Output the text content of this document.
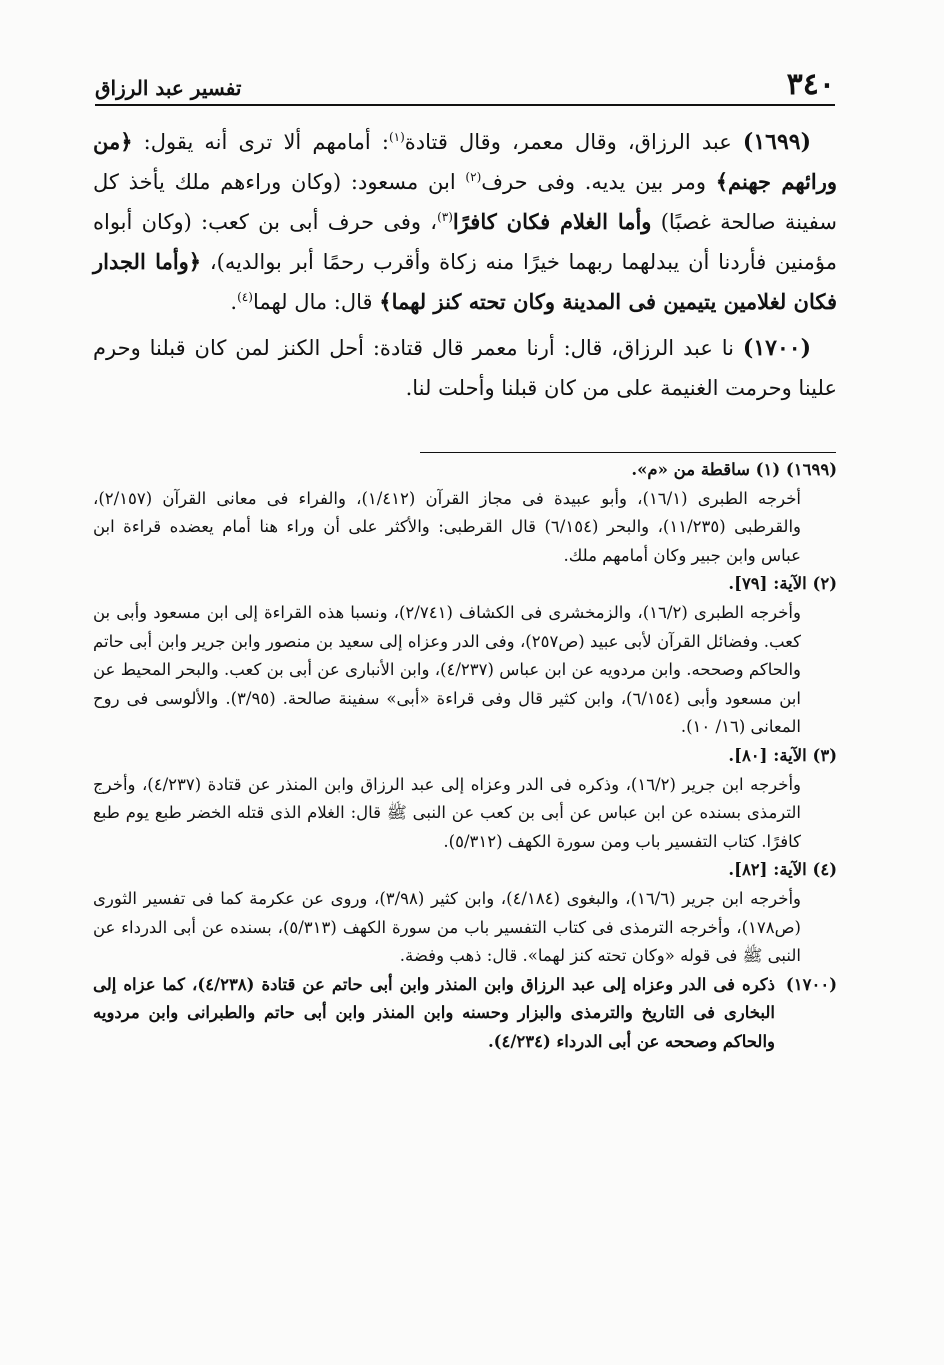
٣٤٠
تفسير عبد الرزاق

(١٦٩٩) عبد الرزاق، وقال معمر، وقال قتادة$^{(١)}$: أمامهم ألا ترى أنه يقول: ﴿من ورائهم جهنم﴾ ومر بين يديه. وفى حرف$^{(٢)}$ ابن مسعود: (وكان وراءهم ملك يأخذ كل سفينة صالحة غصبًا) وأما الغلام فكان كافرًا$^{(٣)}$، وفى حرف أبى بن كعب: (وكان أبواه مؤمنين فأردنا أن يبدلهما ربهما خيرًا منه زكاة وأقرب رحمًا أبر بوالديه)، ﴿وأما الجدار فكان لغلامين يتيمين فى المدينة وكان تحته كنز لهما﴾ قال: مال لهما$^{(٤)}$.

(١٧٠٠) نا عبد الرزاق، قال: أرنا معمر قال قتادة: أحل الكنز لمن كان قبلنا وحرم علينا وحرمت الغنيمة على من كان قبلنا وأحلت لنا.

(١٦٩٩) (١) ساقطة من «م».

أخرجه الطبرى (١٦/١)، وأبو عبيدة فى مجاز القرآن (١/٤١٢)، والفراء فى معانى القرآن (٢/١٥٧)، والقرطبى (١١/٢٣٥)، والبحر (٦/١٥٤) قال القرطبى: والأكثر على أن وراء هنا أمام يعضده قراءة ابن عباس وابن جبير وكان أمامهم ملك.

(٢) الآية: [٧٩].

وأخرجه الطبرى (١٦/٢)، والزمخشرى فى الكشاف (٢/٧٤١)، ونسبا هذه القراءة إلى ابن مسعود وأبى بن كعب. وفضائل القرآن لأبى عبيد (ص٢٥٧)، وفى الدر وعزاه إلى سعيد بن منصور وابن جرير وابن أبى حاتم والحاكم وصححه. وابن مردويه عن ابن عباس (٤/٢٣٧)، وابن الأنبارى عن أبى بن كعب. والبحر المحيط عن ابن مسعود وأبى (٦/١٥٤)، وابن كثير قال وفى قراءة «أبى» سفينة صالحة. (٣/٩٥). والألوسى فى روح المعانى (١٦/ ١٠).

(٣) الآية: [٨٠].

وأخرجه ابن جرير (١٦/٢)، وذكره فى الدر وعزاه إلى عبد الرزاق وابن المنذر عن قتادة (٤/٢٣٧)، وأخرج الترمذى بسنده عن ابن عباس عن أبى بن كعب عن النبى ﷺ قال: الغلام الذى قتله الخضر طبع يوم طبع كافرًا. كتاب التفسير باب ومن سورة الكهف (٥/٣١٢).

(٤) الآية: [٨٢].

وأخرجه ابن جرير (١٦/٦)، والبغوى (٤/١٨٤)، وابن كثير (٣/٩٨)، وروى عن عكرمة كما فى تفسير الثورى (ص١٧٨)، وأخرجه الترمذى فى كتاب التفسير باب من سورة الكهف (٥/٣١٣)، بسنده عن أبى الدرداء عن النبى ﷺ فى قوله «وكان تحته كنز لهما». قال: ذهب وفضة.

(١٧٠٠)
ذكره فى الدر وعزاه إلى عبد الرزاق وابن المنذر وابن أبى حاتم عن قتادة (٤/٢٣٨)، كما عزاه إلى البخارى فى التاريخ والترمذى والبزار وحسنه وابن المنذر وابن أبى حاتم والطبرانى وابن مردويه والحاكم وصححه عن أبى الدرداء (٤/٢٣٤).
